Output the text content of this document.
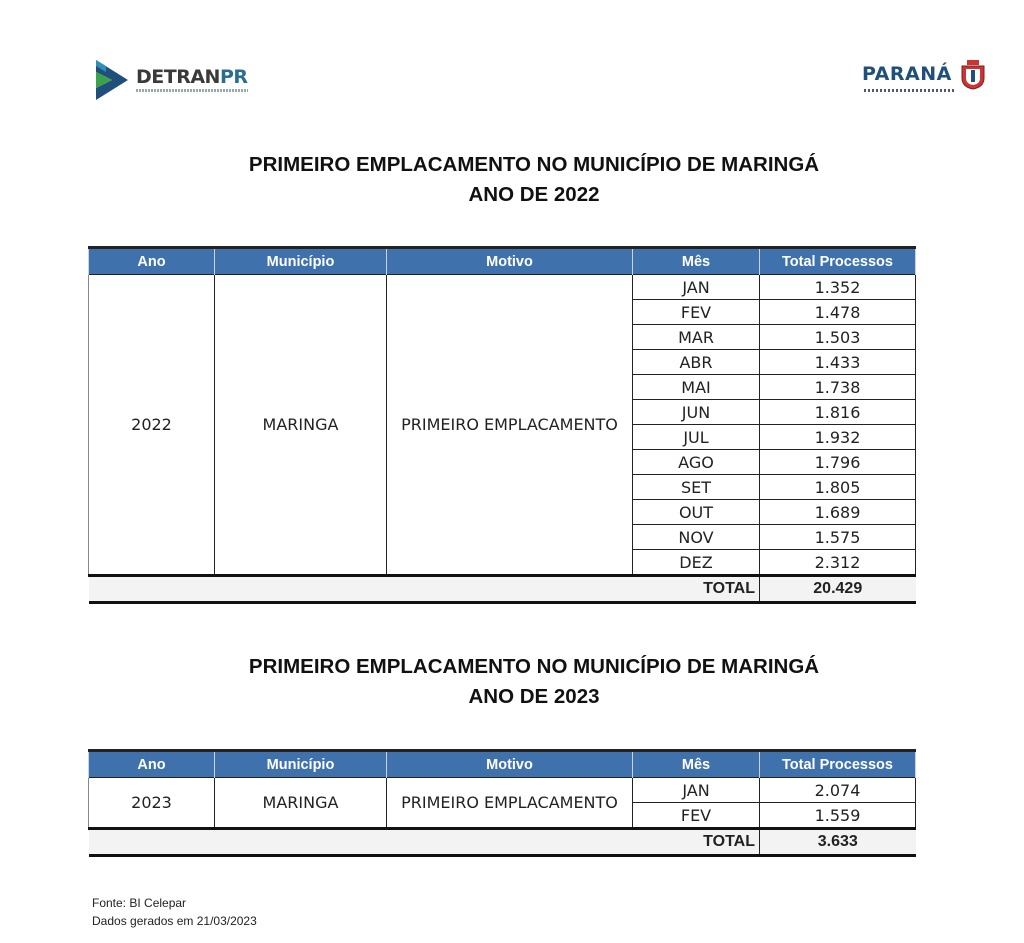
DETRANPR	PARANÁ
PRIMEIRO EMPLACAMENTO NO MUNICÍPIO DE MARINGÁ
ANO DE 2022
Ano	Município	Motivo	Mês	Total Processos
2022	MARINGA	PRIMEIRO EMPLACAMENTO	JAN	1.352
			FEV	1.478
			MAR	1.503
			ABR	1.433
			MAI	1.738
			JUN	1.816
			JUL	1.932
			AGO	1.796
			SET	1.805
			OUT	1.689
			NOV	1.575
			DEZ	2.312
TOTAL				20.429
PRIMEIRO EMPLACAMENTO NO MUNICÍPIO DE MARINGÁ
ANO DE 2023
Ano	Município	Motivo	Mês	Total Processos
2023	MARINGA	PRIMEIRO EMPLACAMENTO	JAN	2.074
			FEV	1.559
TOTAL				3.633
Fonte: BI Celepar
Dados gerados em 21/03/2023
